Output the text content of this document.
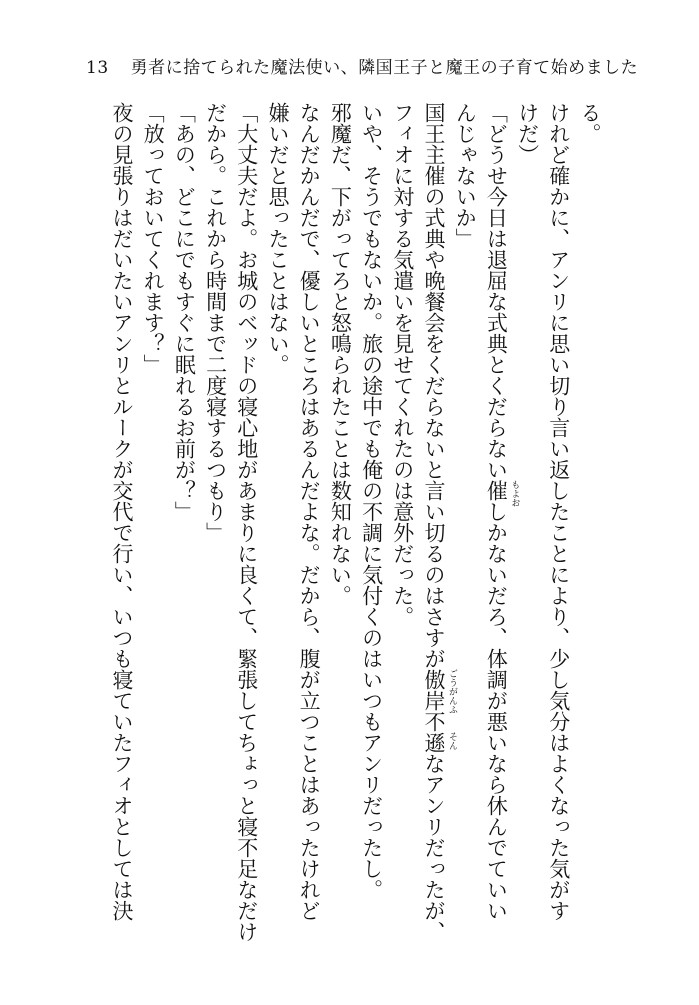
13 勇者に捨てられた魔法使い、隣国王子と魔王の子育て始めました
る。
けれど確かに、アンリに思い切り言い返したことにより、少し気分はよくなった気がす
けだ）
「どうせ今日は退屈な式典とくだらない催 もよお
しかないだろ、体調が悪いなら休んでていい
んじゃないか」
国王主催の式典や晩餐会をくだらないと言い切るのはさすが傲岸不 ごうがんふ
遜 そん
なアンリだったが、
フィオに対する気遣いを見せてくれたのは意外だった。
いや、そうでもないか。旅の途中でも俺の不調に気付くのはいつもアンリだったし。
邪魔だ、下がってろと怒鳴られたことは数知れない。
なんだかんだで、優しいところはあるんだよな。だから、腹が立つことはあったけれど
嫌いだと思ったことはない。
「大丈夫だよ。お城のベッドの寝心地があまりに良くて、緊張してちょっと寝不足なだけ
だから。これから時間まで二度寝するつもり」
「あの、どこにでもすぐに眠れるお前が？」
「放っておいてくれます？」
夜の見張りはだいたいアンリとルークが交代で行い、いつも寝ていたフィオとしては決
